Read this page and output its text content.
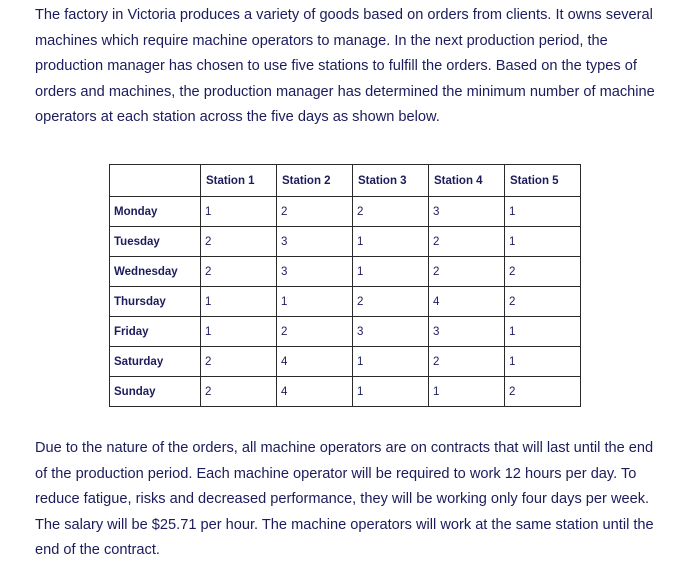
The factory in Victoria produces a variety of goods based on orders from clients. It owns several
machines which require machine operators to manage. In the next production period, the
production manager has chosen to use five stations to fulfill the orders. Based on the types of
orders and machines, the production manager has determined the minimum number of machine
operators at each station across the five days as shown below.
	Station 1	Station 2	Station 3	Station 4	Station 5
Monday	1	2	2	3	1
Tuesday	2	3	1	2	1
Wednesday	2	3	1	2	2
Thursday	1	1	2	4	2
Friday	1	2	3	3	1
Saturday	2	4	1	2	1
Sunday	2	4	1	1	2
Due to the nature of the orders, all machine operators are on contracts that will last until the end
of the production period. Each machine operator will be required to work 12 hours per day. To
reduce fatigue, risks and decreased performance, they will be working only four days per week.
The salary will be $25.71 per hour. The machine operators will work at the same station until the
end of the contract.
